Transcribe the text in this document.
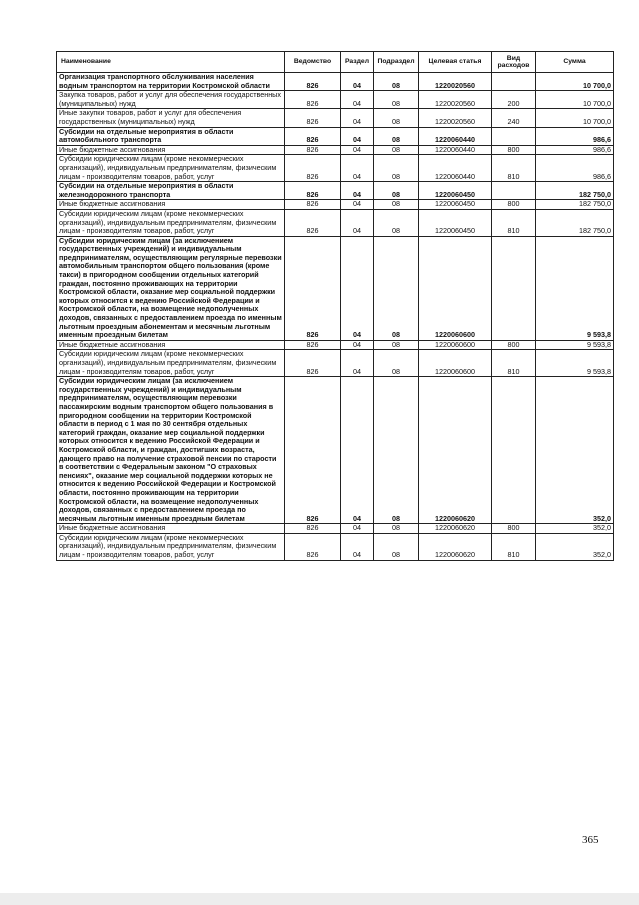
Наименование	Ведомство	Раздел	Подраздел	Целевая статья	Вид расходов	Сумма
Организация транспортного обслуживания населения водным транспортом на территории Костромской области	826	04	08	1220020560		10 700,0
Закупка товаров, работ и услуг для обеспечения государственных (муниципальных) нужд	826	04	08	1220020560	200	10 700,0
Иные закупки товаров, работ и услуг для обеспечения государственных (муниципальных) нужд	826	04	08	1220020560	240	10 700,0
Субсидии на отдельные мероприятия в области автомобильного транспорта	826	04	08	1220060440		986,6
Иные бюджетные ассигнования	826	04	08	1220060440	800	986,6
Субсидии юридическим лицам (кроме некоммерческих организаций), индивидуальным предпринимателям, физическим лицам - производителям товаров, работ, услуг	826	04	08	1220060440	810	986,6
Субсидии на отдельные мероприятия в области железнодорожного транспорта	826	04	08	1220060450		182 750,0
Иные бюджетные ассигнования	826	04	08	1220060450	800	182 750,0
Субсидии юридическим лицам (кроме некоммерческих организаций), индивидуальным предпринимателям, физическим лицам - производителям товаров, работ, услуг	826	04	08	1220060450	810	182 750,0
Субсидии юридическим лицам (за исключением государственных учреждений) и индивидуальным предпринимателям, осуществляющим регулярные перевозки автомобильным транспортом общего пользования (кроме такси) в пригородном сообщении отдельных категорий граждан, постоянно проживающих на территории Костромской области, оказание мер социальной поддержки которых относится к ведению Российской Федерации и Костромской области, на возмещение недополученных доходов, связанных с предоставлением проезда по именным льготным проездным абонементам и месячным льготным именным проездным билетам	826	04	08	1220060600		9 593,8
Иные бюджетные ассигнования	826	04	08	1220060600	800	9 593,8
Субсидии юридическим лицам (кроме некоммерческих организаций), индивидуальным предпринимателям, физическим лицам - производителям товаров, работ, услуг	826	04	08	1220060600	810	9 593,8
Субсидии юридическим лицам (за исключением государственных учреждений) и индивидуальным предпринимателям, осуществляющим перевозки пассажирским водным транспортом общего пользования в пригородном сообщении на территории Костромской области в период с 1 мая по 30 сентября отдельных категорий граждан, оказание мер социальной поддержки которых относится к ведению Российской Федерации и Костромской области, и граждан, достигших возраста, дающего право на получение страховой пенсии по старости в соответствии с Федеральным законом "О страховых пенсиях", оказание мер социальной поддержки которых не относится к ведению Российской Федерации и Костромской области, постоянно проживающим на территории Костромской области, на возмещение недополученных доходов, связанных с предоставлением проезда по месячным льготным именным проездным билетам	826	04	08	1220060620		352,0
Иные бюджетные ассигнования	826	04	08	1220060620	800	352,0
Субсидии юридическим лицам (кроме некоммерческих организаций), индивидуальным предпринимателям, физическим лицам - производителям товаров, работ, услуг	826	04	08	1220060620	810	352,0
365
